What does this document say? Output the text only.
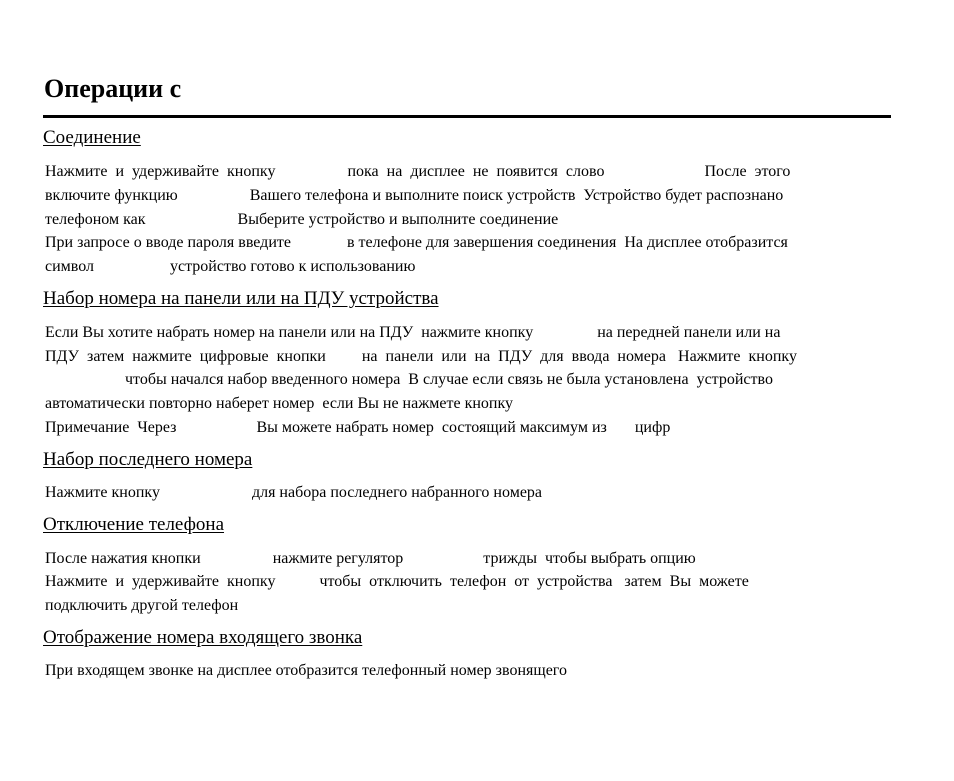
Операции с
Соединение
Нажмите  и  удерживайте  кнопку                  пока  на  дисплее  не  появится  слово                         После  этого
включите функцию                  Вашего телефона и выполните поиск устройств  Устройство будет распознано
телефоном как                       Выберите устройство и выполните соединение
При запросе о вводе пароля введите              в телефоне для завершения соединения  На дисплее отобразится
символ                   устройство готово к использованию
Набор номера на панели или на ПДУ устройства
Если Вы хотите набрать номер на панели или на ПДУ  нажмите кнопку                на передней панели или на
ПДУ  затем  нажмите  цифровые  кнопки         на  панели  или  на  ПДУ  для  ввода  номера   Нажмите  кнопку
чтобы начался набор введенного номера  В случае если связь не была установлена  устройство
автоматически повторно наберет номер  если Вы не нажмете кнопку
Примечание  Через                    Вы можете набрать номер  состоящий максимум из       цифр
Набор последнего номера
Нажмите кнопку                       для набора последнего набранного номера
Отключение телефона
После нажатия кнопки                  нажмите регулятор                    трижды  чтобы выбрать опцию
Нажмите  и  удерживайте  кнопку           чтобы  отключить  телефон  от  устройства   затем  Вы  можете
подключить другой телефон
Отображение номера входящего звонка
При входящем звонке на дисплее отобразится телефонный номер звонящего
